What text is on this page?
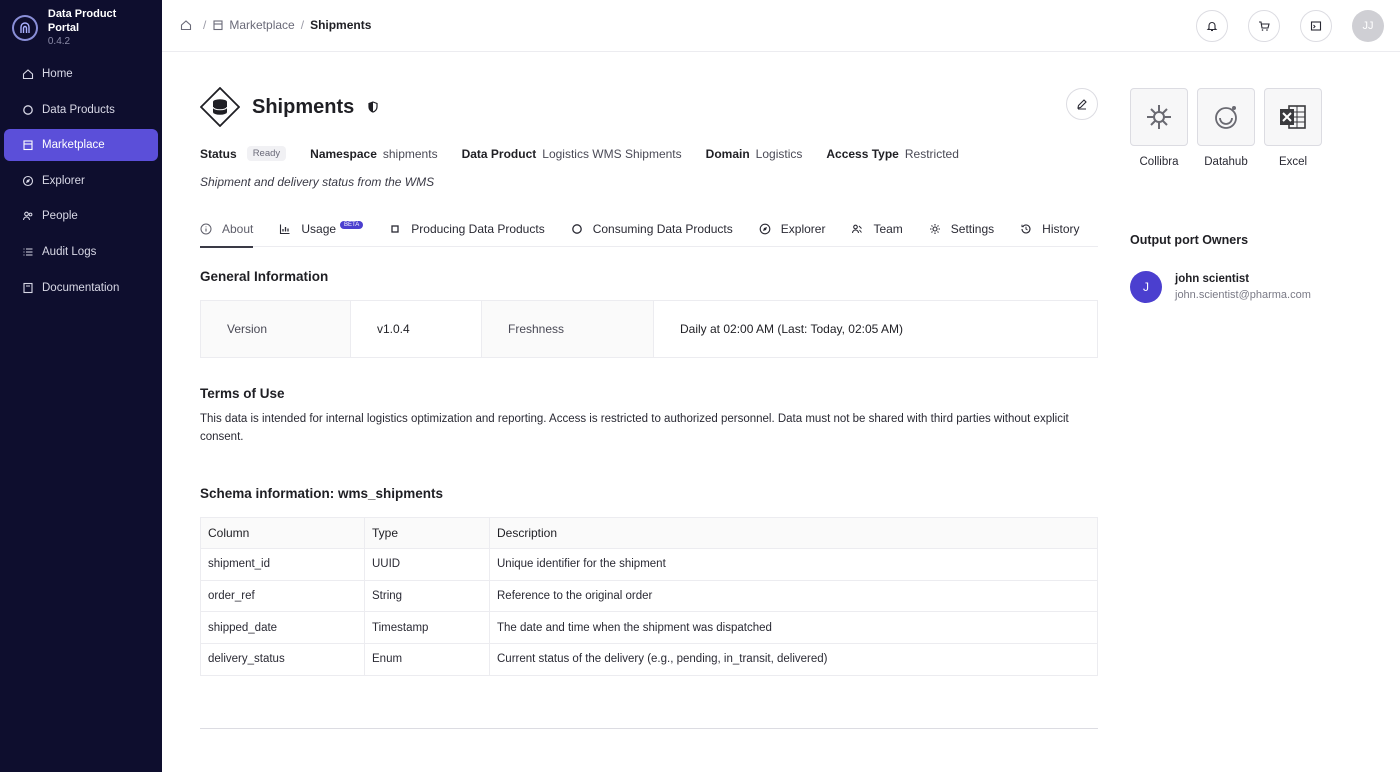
Data Product Portal
0.4.2
Home
Data Products
Marketplace
Explorer
People
Audit Logs
Documentation
/ Marketplace / Shipments	JJ
Shipments
Status	Ready	Namespace shipments Data Product Logistics WMS Shipments Domain Logistics Access Type Restricted

Shipment and delivery status from the WMS

About	Usage	BETA	Producing Data Products	Consuming Data Products	Explorer	Team	Settings	History
General Information
Version	v1.0.4	Freshness	Daily at 02:00 AM (Last: Today, 02:05 AM)
Terms of Use

This data is intended for internal logistics optimization and reporting. Access is restricted to authorized personnel. Data must not be shared with third parties without explicit consent.

Schema information: wms_shipments
Column	Type	Description
shipment_id	UUID	Unique identifier for the shipment
order_ref	String	Reference to the original order
shipped_date	Timestamp	The date and time when the shipment was dispatched
delivery_status	Enum	Current status of the delivery (e.g., pending, in_transit, delivered)
Collibra	Datahub	Excel
Output port Owners
J
john scientist
john.scientist@pharma.com
